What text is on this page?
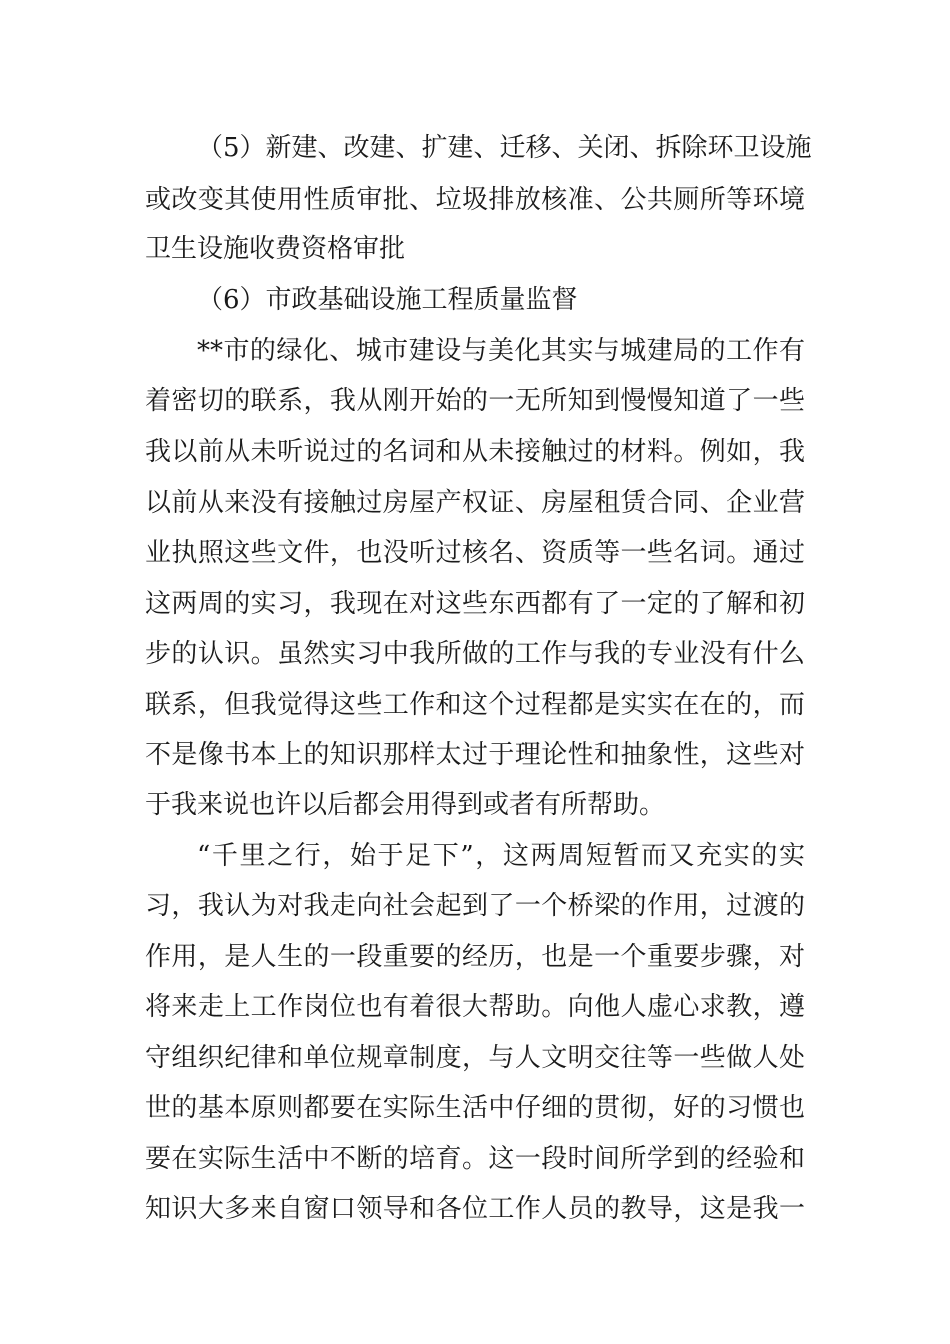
（5）新建、改建、扩建、迁移、关闭、拆除环卫设施
或改变其使用性质审批、垃圾排放核准、公共厕所等环境
卫生设施收费资格审批
（6）市政基础设施工程质量监督
**市的绿化、城市建设与美化其实与城建局的工作有
着密切的联系，我从刚开始的一无所知到慢慢知道了一些
我以前从未听说过的名词和从未接触过的材料。例如，我
以前从来没有接触过房屋产权证、房屋租赁合同、企业营
业执照这些文件，也没听过核名、资质等一些名词。通过
这两周的实习，我现在对这些东西都有了一定的了解和初
步的认识。虽然实习中我所做的工作与我的专业没有什么
联系，但我觉得这些工作和这个过程都是实实在在的，而
不是像书本上的知识那样太过于理论性和抽象性，这些对
于我来说也许以后都会用得到或者有所帮助。
“千里之行，始于足下”，这两周短暂而又充实的实
习，我认为对我走向社会起到了一个桥梁的作用，过渡的
作用，是人生的一段重要的经历，也是一个重要步骤，对
将来走上工作岗位也有着很大帮助。向他人虚心求教，遵
守组织纪律和单位规章制度，与人文明交往等一些做人处
世的基本原则都要在实际生活中仔细的贯彻，好的习惯也
要在实际生活中不断的培育。这一段时间所学到的经验和
知识大多来自窗口领导和各位工作人员的教导，这是我一
